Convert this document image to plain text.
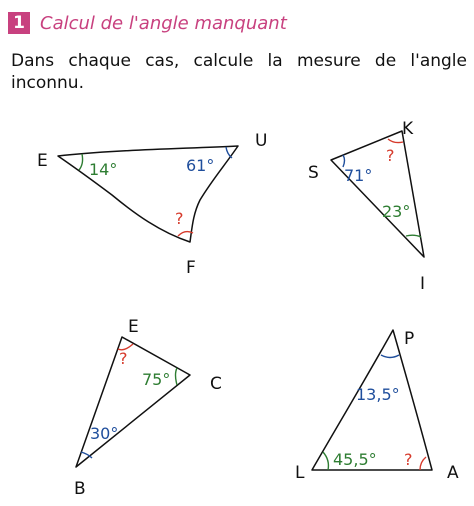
1 Calcul de l'angle manquant
Dans chaque cas, calcule la mesure de l'angle inconnu.
E
U
F
14°	61°
?
K
S
I
?
71°
23°
E
C
B
?
75°
30°
P
L	A
13,5°
45,5° ?
